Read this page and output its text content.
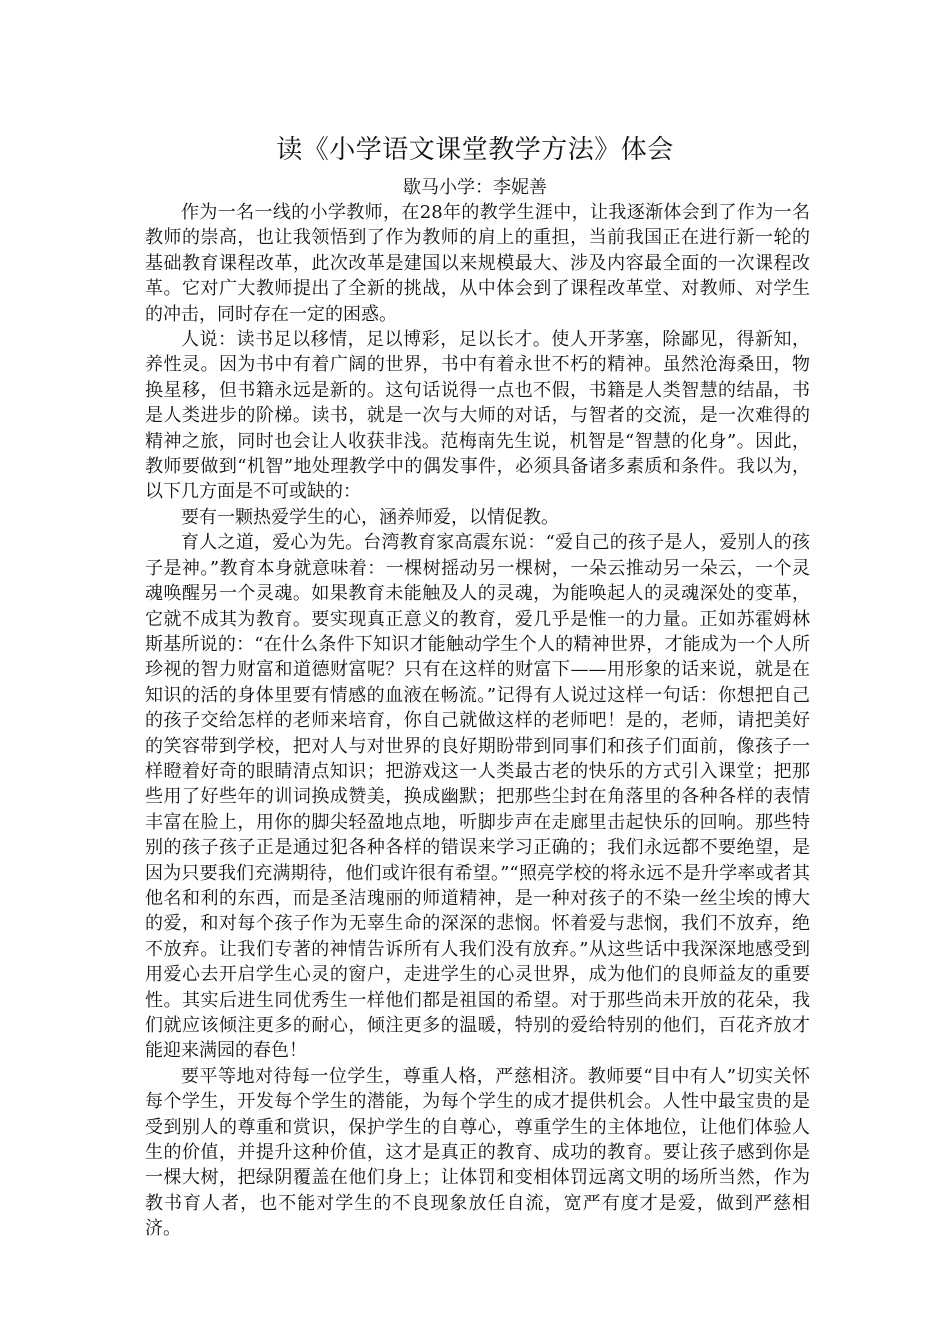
读《小学语文课堂教学方法》体会
歇马小学：李妮善

作为一名一线的小学教师，在28年的教学生涯中，让我逐渐体会到了作为一名教师的崇高，也让我领悟到了作为教师的肩上的重担，当前我国正在进行新一轮的基础教育课程改革，此次改革是建国以来规模最大、涉及内容最全面的一次课程改革。它对广大教师提出了全新的挑战，从中体会到了课程改革堂、对教师、对学生的冲击，同时存在一定的困惑。

人说：读书足以移情，足以博彩，足以长才。使人开茅塞，除鄙见，得新知，养性灵。因为书中有着广阔的世界，书中有着永世不朽的精神。虽然沧海桑田，物换星移，但书籍永远是新的。这句话说得一点也不假，书籍是人类智慧的结晶，书是人类进步的阶梯。读书，就是一次与大师的对话，与智者的交流，是一次难得的精神之旅，同时也会让人收获非浅。范梅南先生说，机智是“智慧的化身”。因此，教师要做到“机智”地处理教学中的偶发事件，必须具备诸多素质和条件。我以为，以下几方面是不可或缺的：

要有一颗热爱学生的心，涵养师爱，以情促教。

育人之道，爱心为先。台湾教育家高震东说：“爱自己的孩子是人，爱别人的孩子是神。”教育本身就意味着：一棵树摇动另一棵树，一朵云推动另一朵云，一个灵魂唤醒另一个灵魂。如果教育未能触及人的灵魂，为能唤起人的灵魂深处的变革，它就不成其为教育。要实现真正意义的教育，爱几乎是惟一的力量。正如苏霍姆林斯基所说的：“在什么条件下知识才能触动学生个人的精神世界，才能成为一个人所珍视的智力财富和道德财富呢？只有在这样的财富下——用形象的话来说，就是在知识的活的身体里要有情感的血液在畅流。”记得有人说过这样一句话：你想把自己的孩子交给怎样的老师来培育，你自己就做这样的老师吧！是的，老师，请把美好的笑容带到学校，把对人与对世界的良好期盼带到同事们和孩子们面前，像孩子一样瞪着好奇的眼睛清点知识；把游戏这一人类最古老的快乐的方式引入课堂；把那些用了好些年的训词换成赞美，换成幽默；把那些尘封在角落里的各种各样的表情丰富在脸上，用你的脚尖轻盈地点地，听脚步声在走廊里击起快乐的回响。那些特别的孩子孩子正是通过犯各种各样的错误来学习正确的；我们永远都不要绝望，是因为只要我们充满期待，他们或许很有希望。”“照亮学校的将永远不是升学率或者其他名和利的东西，而是圣洁瑰丽的师道精神，是一种对孩子的不染一丝尘埃的博大的爱，和对每个孩子作为无辜生命的深深的悲悯。怀着爱与悲悯，我们不放弃，绝不放弃。让我们专著的神情告诉所有人我们没有放弃。”从这些话中我深深地感受到用爱心去开启学生心灵的窗户，走进学生的心灵世界，成为他们的良师益友的重要性。其实后进生同优秀生一样他们都是祖国的希望。对于那些尚未开放的花朵，我们就应该倾注更多的耐心，倾注更多的温暖，特别的爱给特别的他们，百花齐放才能迎来满园的春色！

要平等地对待每一位学生，尊重人格，严慈相济。教师要“目中有人”切实关怀每个学生，开发每个学生的潜能，为每个学生的成才提供机会。人性中最宝贵的是受到别人的尊重和赏识，保护学生的自尊心，尊重学生的主体地位，让他们体验人生的价值，并提升这种价值，这才是真正的教育、成功的教育。要让孩子感到你是一棵大树，把绿阴覆盖在他们身上；让体罚和变相体罚远离文明的场所当然，作为教书育人者，也不能对学生的不良现象放任自流，宽严有度才是爱，做到严慈相济。
